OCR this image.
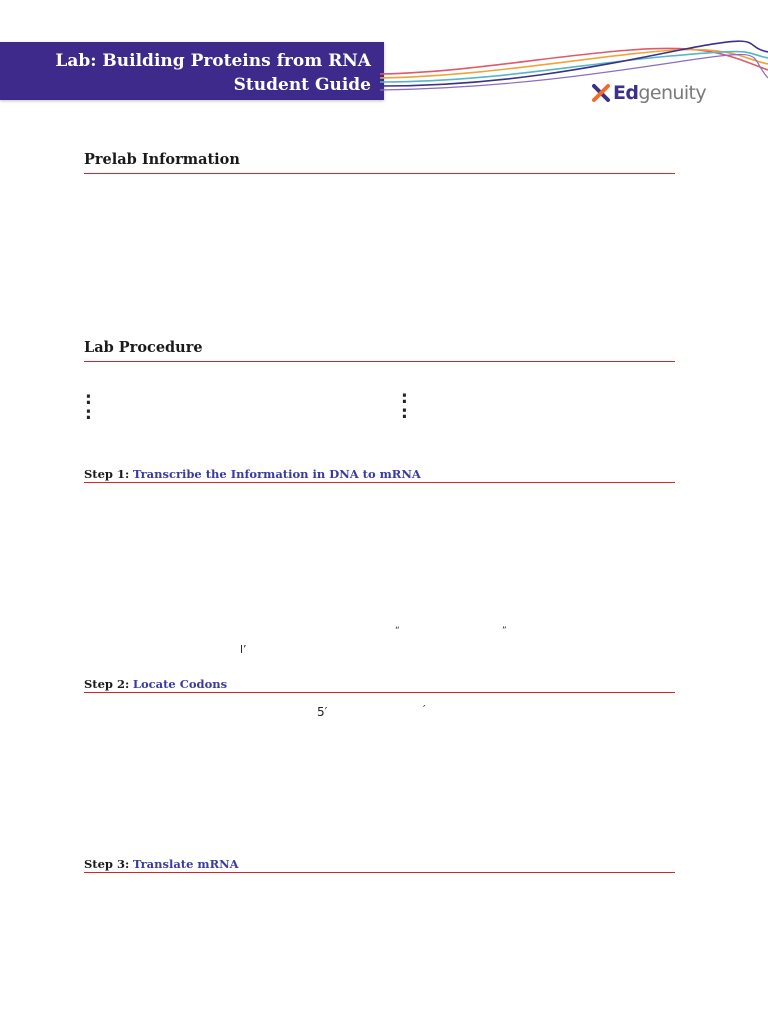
Lab: Building Proteins from RNA
Student Guide	Edgenuity
Prelab Information
Lab Procedure
:
:
:
:
Step 1: Transcribe the Information in DNA to mRNA
“	”
l’
Step 2: Locate Codons
5′	′
Step 3: Translate mRNA
